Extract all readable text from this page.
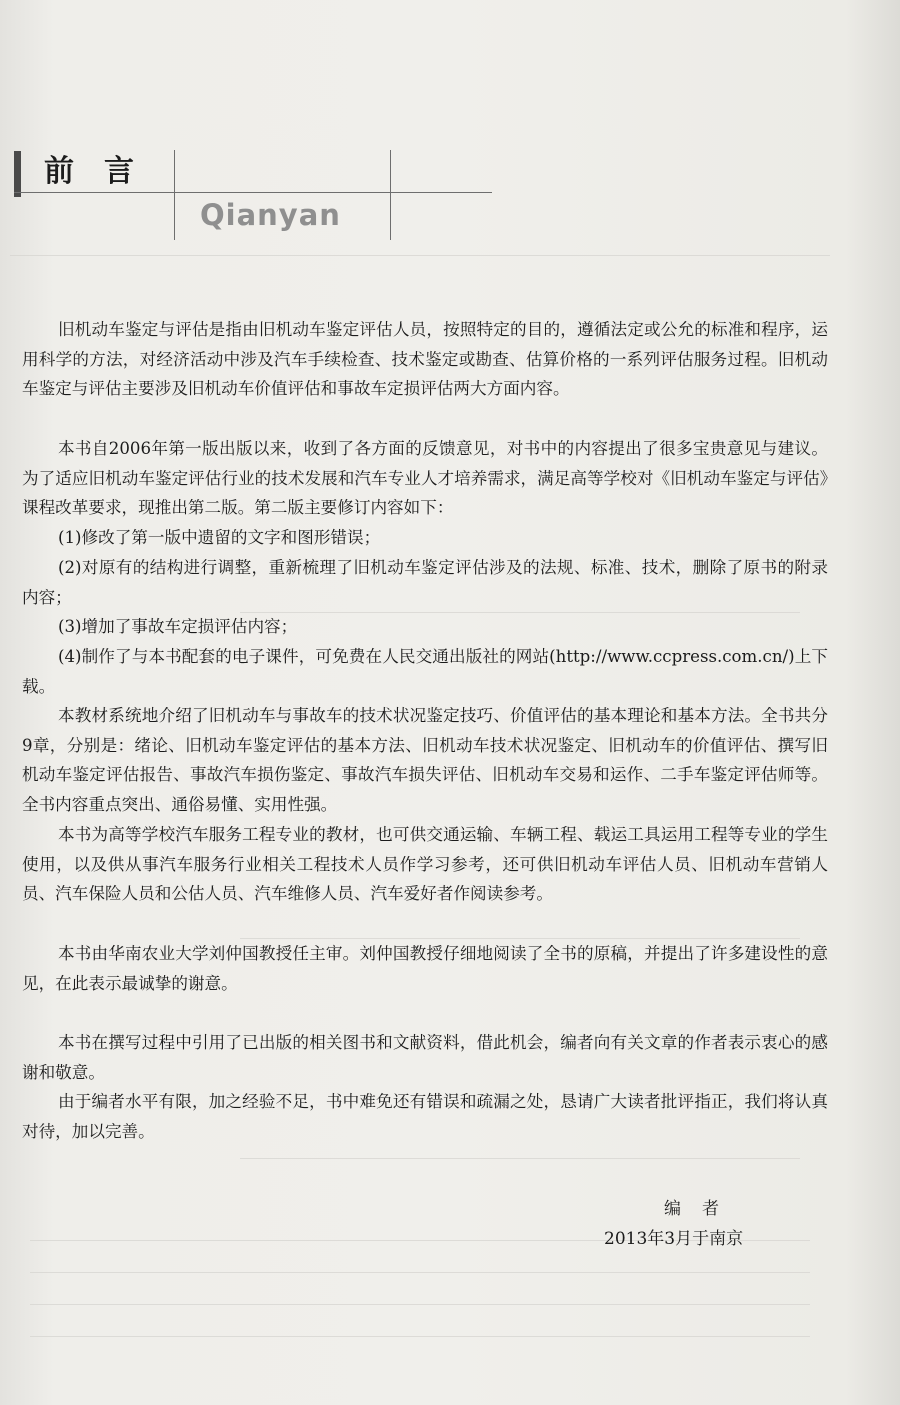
前言
Qianyan
旧机动车鉴定与评估是指由旧机动车鉴定评估人员，按照特定的目的，遵循法定或公允的标准和程序，运用科学的方法，对经济活动中涉及汽车手续检查、技术鉴定或勘查、估算价格的一系列评估服务过程。旧机动车鉴定与评估主要涉及旧机动车价值评估和事故车定损评估两大方面内容。
本书自2006年第一版出版以来，收到了各方面的反馈意见，对书中的内容提出了很多宝贵意见与建议。为了适应旧机动车鉴定评估行业的技术发展和汽车专业人才培养需求，满足高等学校对《旧机动车鉴定与评估》课程改革要求，现推出第二版。第二版主要修订内容如下：
(1)修改了第一版中遗留的文字和图形错误；
(2)对原有的结构进行调整，重新梳理了旧机动车鉴定评估涉及的法规、标准、技术，删除了原书的附录内容；
(3)增加了事故车定损评估内容；
(4)制作了与本书配套的电子课件，可免费在人民交通出版社的网站(http://www.ccpress.com.cn/)上下载。
本教材系统地介绍了旧机动车与事故车的技术状况鉴定技巧、价值评估的基本理论和基本方法。全书共分9章，分别是：绪论、旧机动车鉴定评估的基本方法、旧机动车技术状况鉴定、旧机动车的价值评估、撰写旧机动车鉴定评估报告、事故汽车损伤鉴定、事故汽车损失评估、旧机动车交易和运作、二手车鉴定评估师等。全书内容重点突出、通俗易懂、实用性强。
本书为高等学校汽车服务工程专业的教材，也可供交通运输、车辆工程、载运工具运用工程等专业的学生使用，以及供从事汽车服务行业相关工程技术人员作学习参考，还可供旧机动车评估人员、旧机动车营销人员、汽车保险人员和公估人员、汽车维修人员、汽车爱好者作阅读参考。
本书由华南农业大学刘仲国教授任主审。刘仲国教授仔细地阅读了全书的原稿，并提出了许多建设性的意见，在此表示最诚挚的谢意。
本书在撰写过程中引用了已出版的相关图书和文献资料，借此机会，编者向有关文章的作者表示衷心的感谢和敬意。
由于编者水平有限，加之经验不足，书中难免还有错误和疏漏之处，恳请广大读者批评指正，我们将认真对待，加以完善。
编　者
2013年3月于南京
